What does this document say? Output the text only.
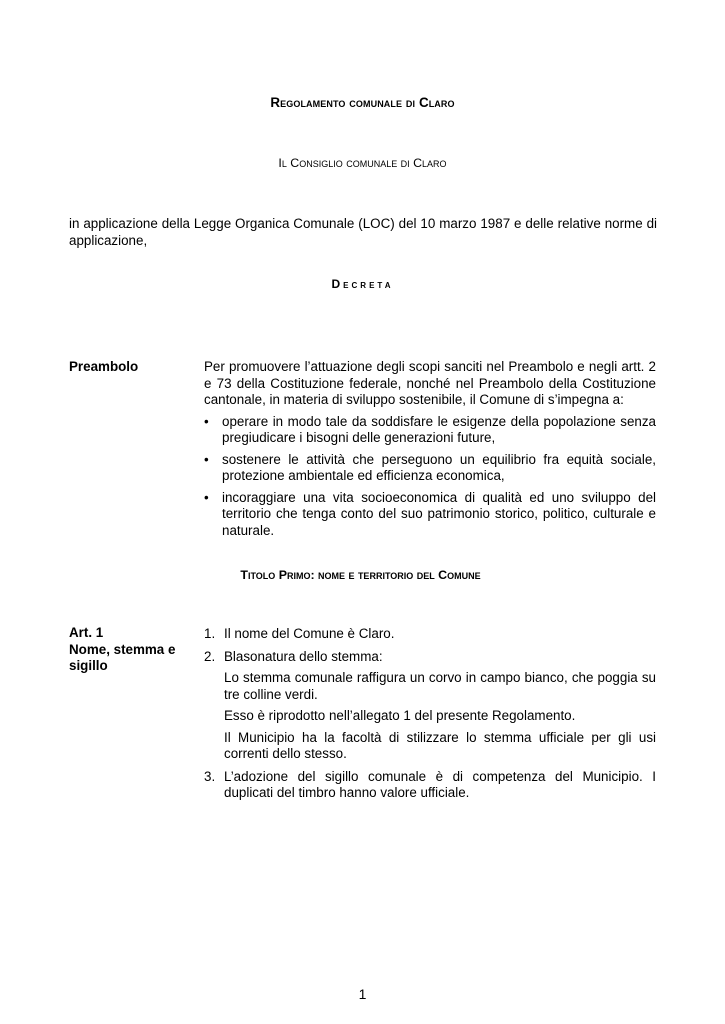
Regolamento comunale di Claro
Il Consiglio comunale di Claro

in applicazione della Legge Organica Comunale (LOC) del 10 marzo 1987 e delle relative norme di applicazione,

Decreta
Preambolo	Per promuovere l’attuazione degli scopi sanciti nel Preambolo e negli artt. 2 e 73 della Costituzione federale, nonché nel Preambolo della Costituzione cantonale, in materia di sviluppo sostenibile, il Comune di s’impegna a:

• operare in modo tale da soddisfare le esigenze della popolazione senza pregiudicare i bisogni delle generazioni future,
• sostenere le attività che perseguono un equilibrio fra equità sociale, protezione ambientale ed efficienza economica,
• incoraggiare una vita socioeconomica di qualità ed uno sviluppo del territorio che tenga conto del suo patrimonio storico, politico, culturale e naturale.
Titolo Primo: nome e territorio del Comune
Art. 1
Nome, stemma e sigillo
1. Il nome del Comune è Claro.
2. Blasonatura dello stemma:

Lo stemma comunale raffigura un corvo in campo bianco, che poggia su tre colline verdi.

Esso è riprodotto nell’allegato 1 del presente Regolamento.

Il Municipio ha la facoltà di stilizzare lo stemma ufficiale per gli usi correnti dello stesso.

3. L’adozione del sigillo comunale è di competenza del Municipio. I duplicati del timbro hanno valore ufficiale.
1
